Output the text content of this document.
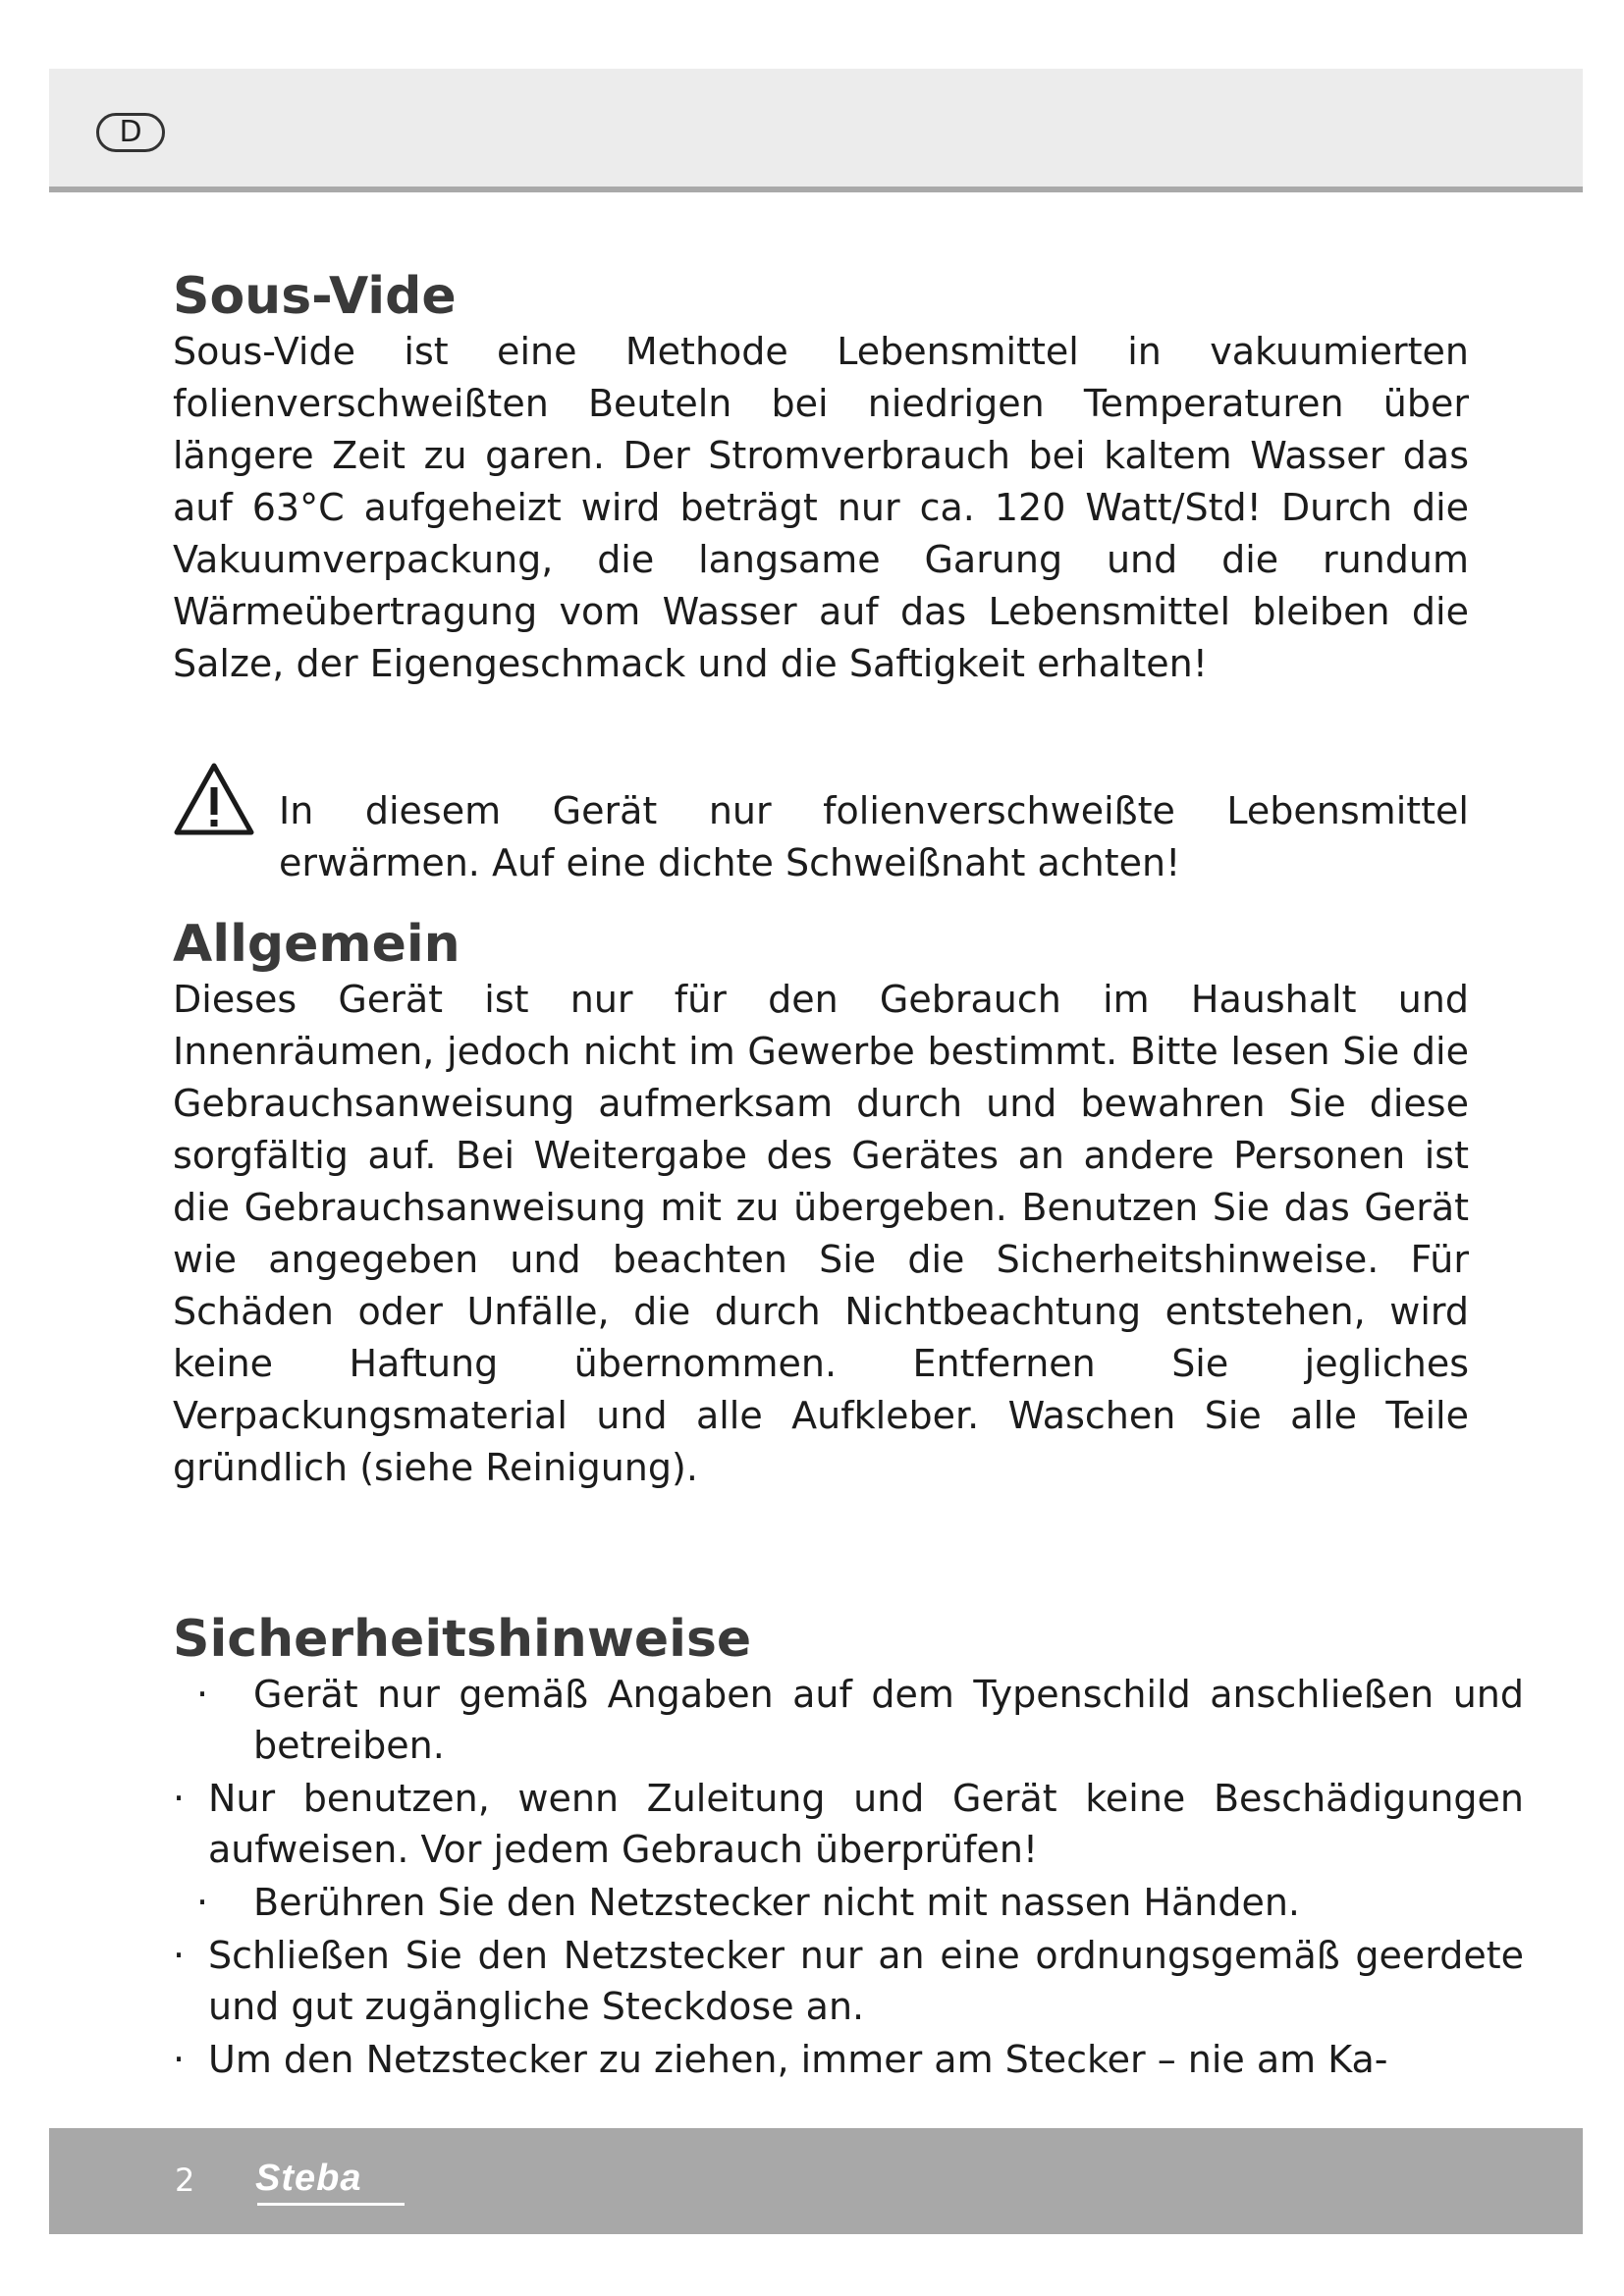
D
Sous-Vide

Sous-Vide ist eine Methode Lebensmittel in vakuumierten folienverschweißten Beuteln bei niedrigen Temperaturen über längere Zeit zu garen. Der Stromverbrauch bei kaltem Wasser das auf 63°C aufgeheizt wird beträgt nur ca. 120 Watt/Std! Durch die Vakuumverpackung, die langsame Garung und die rundum Wärmeübertragung vom Wasser auf das Lebensmittel bleiben die Salze, der Eigengeschmack und die Saftigkeit erhalten!

In diesem Gerät nur folienverschweißte Lebensmittel erwärmen. Auf eine dichte Schweißnaht achten!

Allgemein

Dieses Gerät ist nur für den Gebrauch im Haushalt und Innenräumen, jedoch nicht im Gewerbe bestimmt. Bitte lesen Sie die Gebrauchsanweisung aufmerksam durch und bewahren Sie diese sorgfältig auf. Bei Weitergabe des Gerätes an andere Personen ist die Gebrauchsanweisung mit zu übergeben. Benutzen Sie das Gerät wie angegeben und beachten Sie die Sicherheitshinweise. Für Schäden oder Unfälle, die durch Nichtbeachtung entstehen, wird keine Haftung übernommen. Entfernen Sie jegliches Verpackungsmaterial und alle Aufkleber. Waschen Sie alle Teile gründlich (siehe Reinigung).

Sicherheitshinweise
· Gerät nur gemäß Angaben auf dem Typenschild anschließen und betreiben.
· Nur benutzen, wenn Zuleitung und Gerät keine Beschädigungen aufweisen. Vor jedem Gebrauch überprüfen!
· Berühren Sie den Netzstecker nicht mit nassen Händen.
· Schließen Sie den Netzstecker nur an eine ordnungsgemäß geerdete und gut zugängliche Steckdose an.
· Um den Netzstecker zu ziehen, immer am Stecker – nie am Ka-
2 Steba
